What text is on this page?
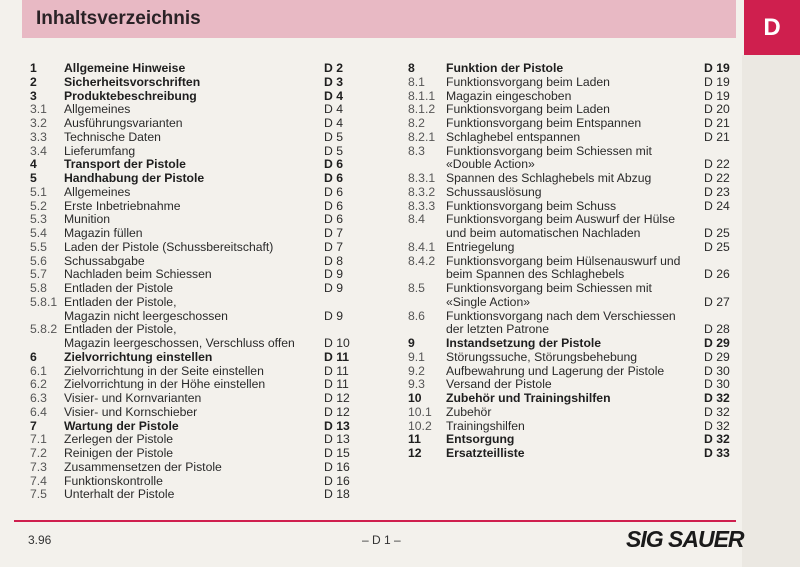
Inhaltsverzeichnis	D
1 Allgemeine Hinweise	D 2
2 Sicherheitsvorschriften	D 3
3 Produktebeschreibung	D 4
3.1 Allgemeines	D 4
3.2 Ausführungsvarianten	D 4
3.3 Technische Daten	D 5
3.4 Lieferumfang	D 5
4 Transport der Pistole	D 6
5 Handhabung der Pistole	D 6
5.1 Allgemeines	D 6
5.2 Erste Inbetriebnahme	D 6
5.3 Munition	D 6
5.4 Magazin füllen	D 7
5.5 Laden der Pistole (Schussbereitschaft)	D 7
5.6 Schussabgabe	D 8
5.7 Nachladen beim Schiessen	D 9
5.8 Entladen der Pistole	D 9
5.8.1 Entladen der Pistole,
Magazin nicht leergeschossen	D 9
5.8.2 Entladen der Pistole,
Magazin leergeschossen, Verschluss offen D 10
6 Zielvorrichtung einstellen	D 11
6.1 Zielvorrichtung in der Seite einstellen	D 11
6.2 Zielvorrichtung in der Höhe einstellen	D 11
6.3 Visier- und Kornvarianten	D 12
6.4 Visier- und Kornschieber	D 12
7 Wartung der Pistole	D 13
7.1 Zerlegen der Pistole	D 13
7.2 Reinigen der Pistole	D 15
7.3 Zusammensetzen der Pistole	D 16
7.4 Funktionskontrolle	D 16
7.5 Unterhalt der Pistole	D 18
8	Funktion der Pistole	D 19
8.1 Funktionsvorgang beim Laden	D 19
8.1.1 Magazin eingeschoben	D 19
8.1.2 Funktionsvorgang beim Laden	D 20
8.2 Funktionsvorgang beim Entspannen	D 21
8.2.1 Schlaghebel entspannen	D 21
8.3 Funktionsvorgang beim Schiessen mit
«Double Action»	D 22
8.3.1 Spannen des Schlaghebels mit Abzug	D 22
8.3.2 Schussauslösung	D 23
8.3.3 Funktionsvorgang beim Schuss	D 24
8.4 Funktionsvorgang beim Auswurf der Hülse
und beim automatischen Nachladen	D 25
8.4.1 Entriegelung	D 25
8.4.2 Funktionsvorgang beim Hülsenauswurf und
beim Spannen des Schlaghebels	D 26
8.5 Funktionsvorgang beim Schiessen mit
«Single Action»	D 27
8.6 Funktionsvorgang nach dem Verschiessen
der letzten Patrone	D 28
9	Instandsetzung der Pistole	D 29
9.1 Störungssuche, Störungsbehebung	D 29
9.2 Aufbewahrung und Lagerung der Pistole	D 30
9.3 Versand der Pistole	D 30
10 Zubehör und Trainingshilfen	D 32
10.1 Zubehör	D 32
10.2 Trainingshilfen	D 32
11 Entsorgung	D 32
12 Ersatzteilliste	D 33
3.96	– D 1 –	SIG SAUER
